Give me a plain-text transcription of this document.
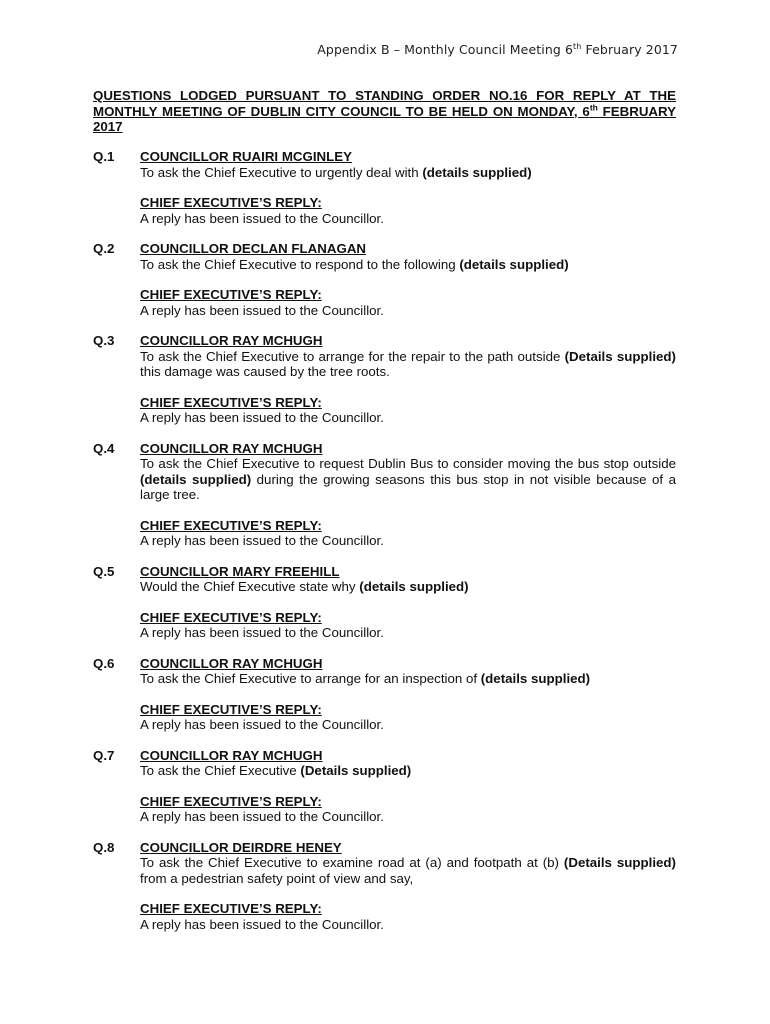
Appendix B – Monthly Council Meeting 6th February 2017
QUESTIONS LODGED PURSUANT TO STANDING ORDER NO.16 FOR REPLY AT THE MONTHLY MEETING OF DUBLIN CITY COUNCIL TO BE HELD ON MONDAY, 6th FEBRUARY 2017
Q.1 COUNCILLOR RUAIRI MCGINLEY
To ask the Chief Executive to urgently deal with (details supplied)
CHIEF EXECUTIVE’S REPLY:
A reply has been issued to the Councillor.
Q.2 COUNCILLOR DECLAN FLANAGAN
To ask the Chief Executive to respond to the following (details supplied)
CHIEF EXECUTIVE’S REPLY:
A reply has been issued to the Councillor.
Q.3 COUNCILLOR RAY MCHUGH
To ask the Chief Executive to arrange for the repair to the path outside (Details supplied) this damage was caused by the tree roots.
CHIEF EXECUTIVE’S REPLY:
A reply has been issued to the Councillor.
Q.4 COUNCILLOR RAY MCHUGH
To ask the Chief Executive to request Dublin Bus to consider moving the bus stop outside (details supplied) during the growing seasons this bus stop in not visible because of a large tree.
CHIEF EXECUTIVE’S REPLY:
A reply has been issued to the Councillor.
Q.5 COUNCILLOR MARY FREEHILL
Would the Chief Executive state why (details supplied)
CHIEF EXECUTIVE’S REPLY:
A reply has been issued to the Councillor.
Q.6 COUNCILLOR RAY MCHUGH
To ask the Chief Executive to arrange for an inspection of (details supplied)
CHIEF EXECUTIVE’S REPLY:
A reply has been issued to the Councillor.
Q.7 COUNCILLOR RAY MCHUGH
To ask the Chief Executive (Details supplied)
CHIEF EXECUTIVE’S REPLY:
A reply has been issued to the Councillor.
Q.8 COUNCILLOR DEIRDRE HENEY
To ask the Chief Executive to examine road at (a) and footpath at (b) (Details supplied) from a pedestrian safety point of view and say,
CHIEF EXECUTIVE’S REPLY:
A reply has been issued to the Councillor.
